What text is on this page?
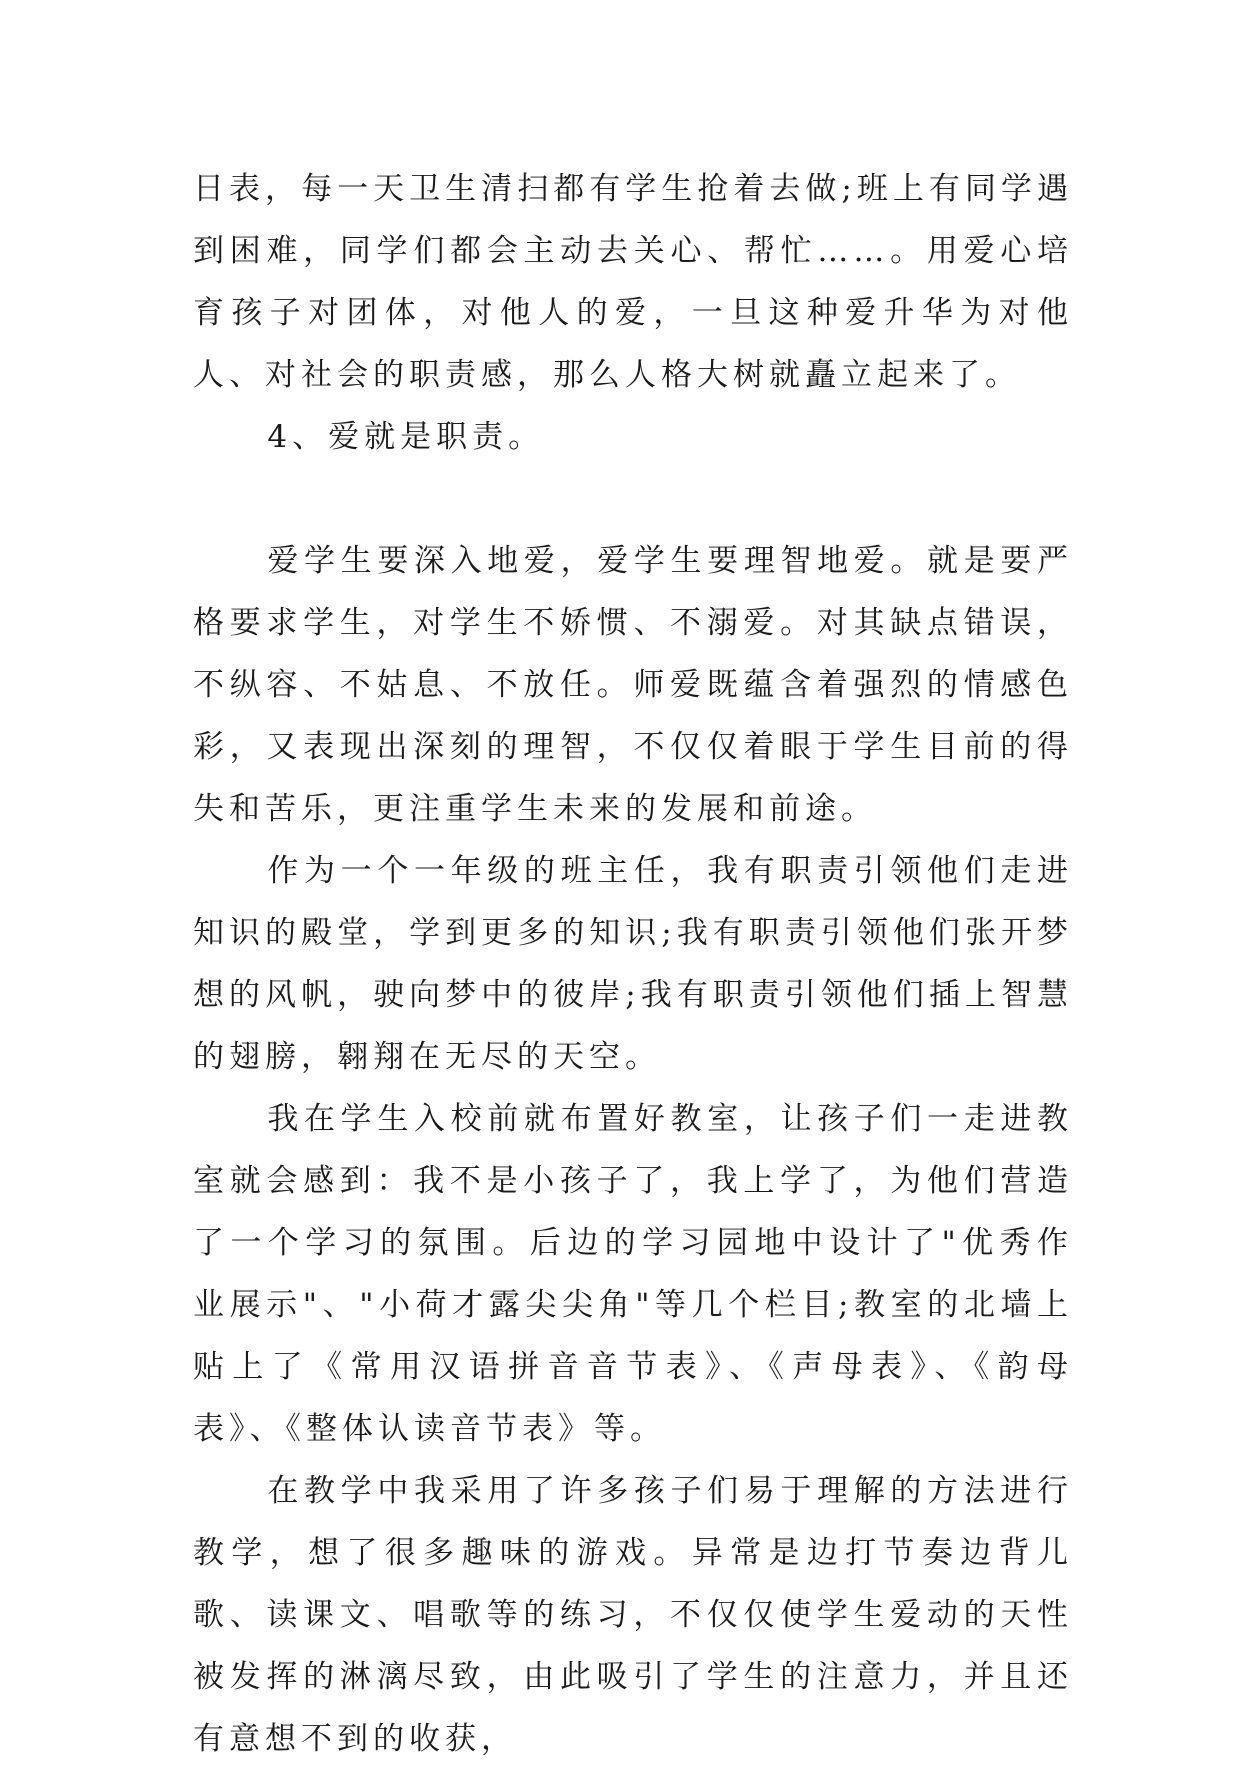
日表，每一天卫生清扫都有学生抢着去做;班上有同学遇到困难，同学们都会主动去关心、帮忙……。用爱心培育孩子对团体，对他人的爱，一旦这种爱升华为对他人、对社会的职责感，那么人格大树就矗立起来了。

4、爱就是职责。

爱学生要深入地爱，爱学生要理智地爱。就是要严格要求学生，对学生不娇惯、不溺爱。对其缺点错误，不纵容、不姑息、不放任。师爱既蕴含着强烈的情感色彩，又表现出深刻的理智，不仅仅着眼于学生目前的得失和苦乐，更注重学生未来的发展和前途。

作为一个一年级的班主任，我有职责引领他们走进知识的殿堂，学到更多的知识;我有职责引领他们张开梦想的风帆，驶向梦中的彼岸;我有职责引领他们插上智慧的翅膀，翱翔在无尽的天空。

我在学生入校前就布置好教室，让孩子们一走进教室就会感到：我不是小孩子了，我上学了，为他们营造了一个学习的氛围。后边的学习园地中设计了"优秀作业展示"、"小荷才露尖尖角"等几个栏目;教室的北墙上贴上了《常用汉语拼音音节表》、《声母表》、《韵母表》、《整体认读音节表》等。

在教学中我采用了许多孩子们易于理解的方法进行教学，想了很多趣味的游戏。异常是边打节奏边背儿歌、读课文、唱歌等的练习，不仅仅使学生爱动的天性被发挥的淋漓尽致，由此吸引了学生的注意力，并且还有意想不到的收获，
